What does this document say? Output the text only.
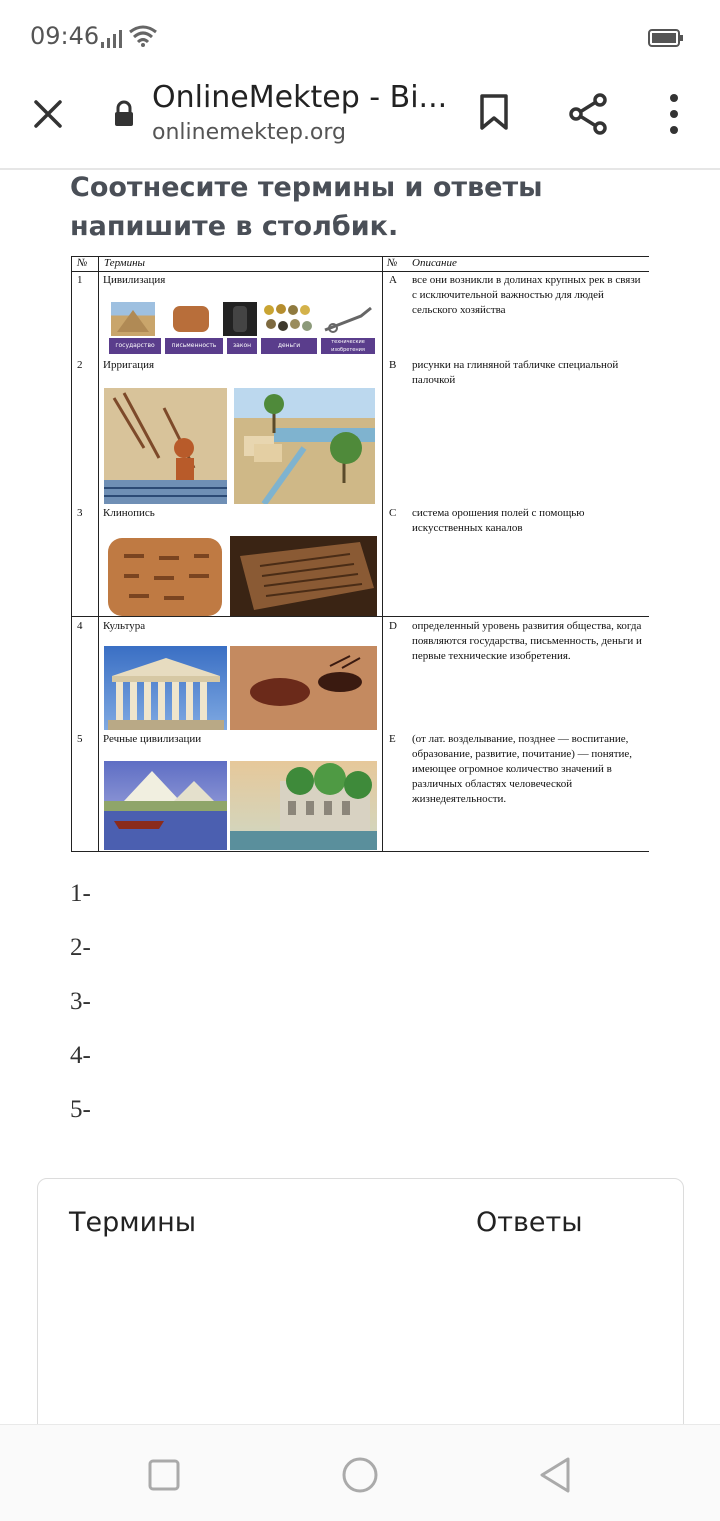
09:46
OnlineMektep - Bi...
onlinemektep.org
Соотнесите термины и ответы напишите в столбик.
№ Термины	№ Описание
1 Цивилизация	A все они возникли в долинах крупных рек в связи с исключительной важностью для людей сельского хозяйства
государство	письменность	закон	деньги	технические изобретения
2 Ирригация	B рисунки на глиняной табличке специальной палочкой
3 Клинопись	C система орошения полей с помощью искусственных каналов
4 Культура	D определенный уровень развития общества, когда появляются государства, письменность, деньги и первые технические изобретения.
5 Речные цивилизации	E (от лат. возделывание, позднее — воспитание, образование, развитие, почитание) — понятие, имеющее огромное количество значений в различных областях человеческой жизнедеятельности.
1-
2-
3-
4-
5-
Термины	Ответы
